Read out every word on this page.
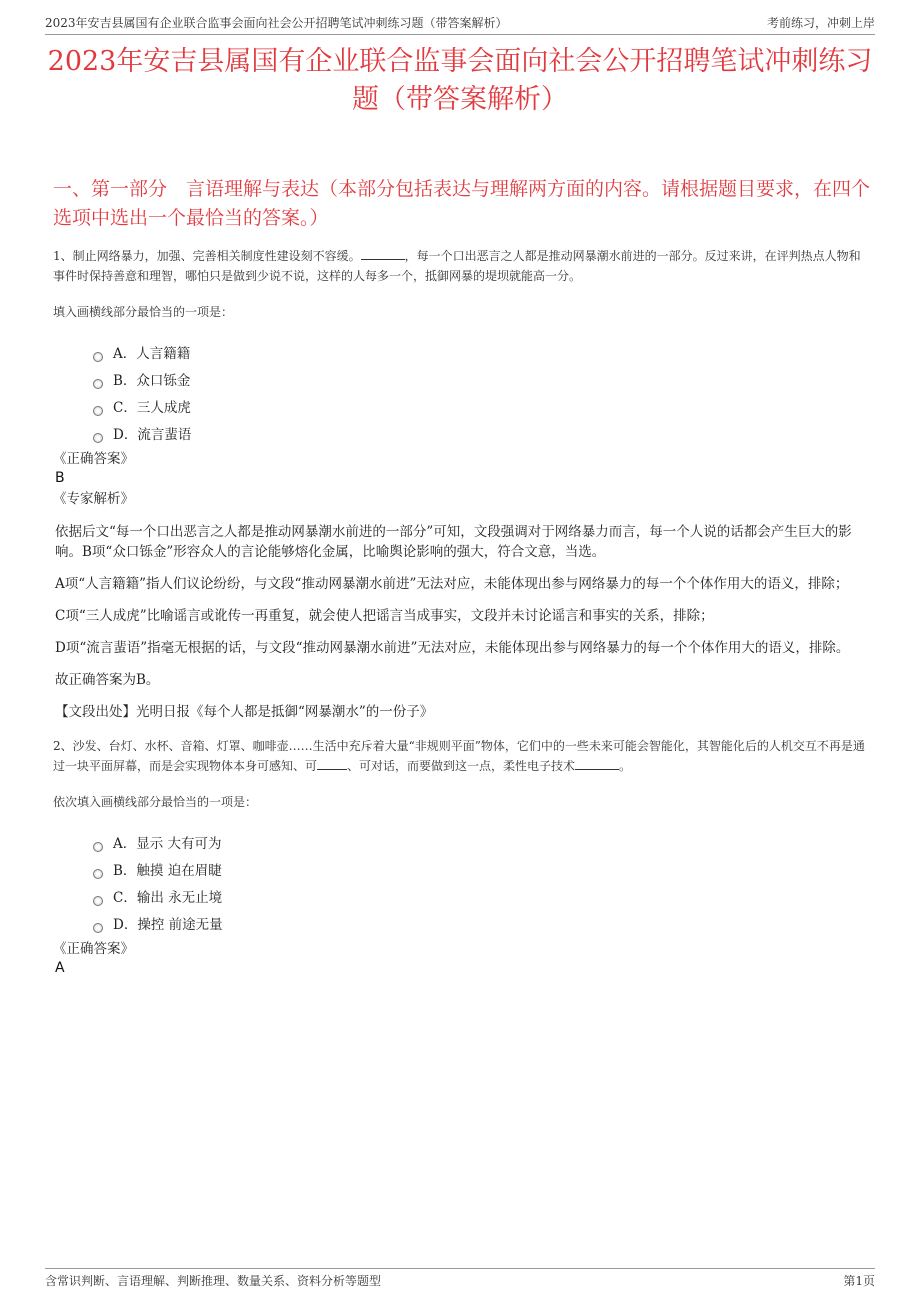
2023年安吉县属国有企业联合监事会面向社会公开招聘笔试冲刺练习题（带答案解析）	考前练习，冲刺上岸
2023年安吉县属国有企业联合监事会面向社会公开招聘笔试冲刺练习题（带答案解析）
一、第一部分　言语理解与表达（本部分包括表达与理解两方面的内容。请根据题目要求，在四个选项中选出一个最恰当的答案。）
1、制止网络暴力，加强、完善相关制度性建设刻不容缓。	，每一个口出恶言之人都是推动网暴潮水前进的一部分。反过来讲，在评判热点人物和事件时保持善意和理智，哪怕只是做到少说不说，这样的人每多一个，抵御网暴的堤坝就能高一分。
填入画横线部分最恰当的一项是：
A．人言籍籍
B．众口铄金
C．三人成虎
D．流言蜚语
《正确答案》
B
《专家解析》
依据后文“每一个口出恶言之人都是推动网暴潮水前进的一部分”可知，文段强调对于网络暴力而言，每一个人说的话都会产生巨大的影响。B项“众口铄金”形容众人的言论能够熔化金属，比喻舆论影响的强大，符合文意，当选。
A项“人言籍籍”指人们议论纷纷，与文段“推动网暴潮水前进”无法对应，未能体现出参与网络暴力的每一个个体作用大的语义，排除；
C项“三人成虎”比喻谣言或讹传一再重复，就会使人把谣言当成事实，文段并未讨论谣言和事实的关系，排除；
D项“流言蜚语”指毫无根据的话，与文段“推动网暴潮水前进”无法对应，未能体现出参与网络暴力的每一个个体作用大的语义，排除。
故正确答案为B。
【文段出处】光明日报《每个人都是抵御“网暴潮水”的一份子》
2、沙发、台灯、水杯、音箱、灯罩、咖啡壶……生活中充斥着大量“非规则平面”物体，它们中的一些未来可能会智能化，其智能化后的人机交互不再是通过一块平面屏幕，而是会实现物体本身可感知、可	、可对话，而要做到这一点，柔性电子技术	。
依次填入画横线部分最恰当的一项是：
A．显示 大有可为
B．触摸 迫在眉睫
C．输出 永无止境
D．操控 前途无量
《正确答案》
A
含常识判断、言语理解、判断推理、数量关系、资料分析等题型	第1页
